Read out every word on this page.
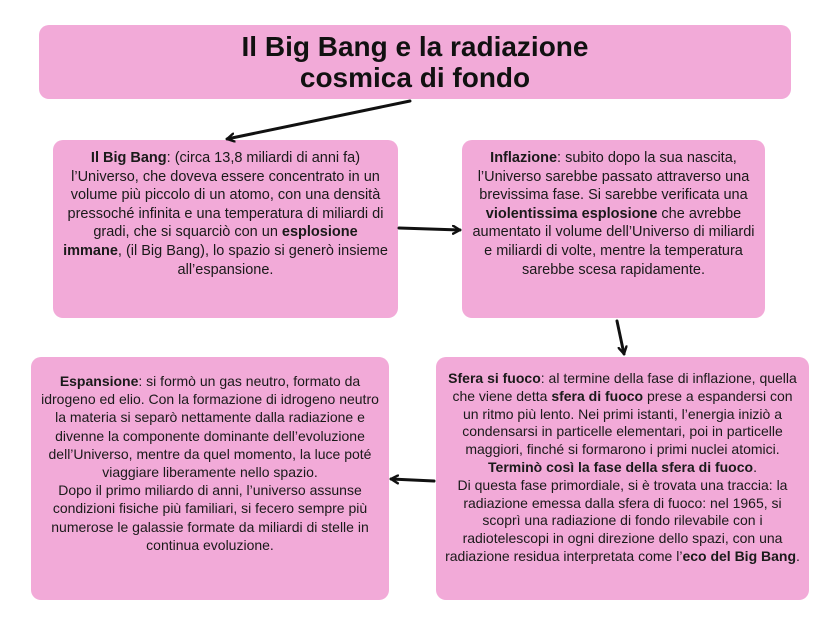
Il Big Bang e la radiazione
cosmica di fondo

Il Big Bang: (circa 13,8 miliardi di anni fa) l’Universo, che doveva essere concentrato in un volume più piccolo di un atomo, con una densità pressoché infinita e una temperatura di miliardi di gradi, che si squarciò con un esplosione immane, (il Big Bang), lo spazio si generò insieme all’espansione.

Inflazione: subito dopo la sua nascita, l’Universo sarebbe passato attraverso una brevissima fase. Si sarebbe verificata una violentissima esplosione che avrebbe aumentato il volume dell’Universo di miliardi e miliardi di volte, mentre la temperatura sarebbe scesa rapidamente.

Sfera si fuoco: al termine della fase di inflazione, quella che viene detta sfera di fuoco prese a espandersi con un ritmo più lento. Nei primi istanti, l’energia iniziò a condensarsi in particelle elementari, poi in particelle maggiori, finché si formarono i primi nuclei atomici.

Terminò così la fase della sfera di fuoco.

Di questa fase primordiale, si è trovata una traccia: la radiazione emessa dalla sfera di fuoco: nel 1965, si scoprì una radiazione di fondo rilevabile con i radiotelescopi in ogni direzione dello spazi, con una radiazione residua interpretata come l’eco del Big Bang.

Espansione: si formò un gas neutro, formato da idrogeno ed elio. Con la formazione di idrogeno neutro la materia si separò nettamente dalla radiazione e divenne la componente dominante dell’evoluzione dell’Universo, mentre da quel momento, la luce poté viaggiare liberamente nello spazio.

Dopo il primo miliardo di anni, l’universo assunse condizioni fisiche più familiari, si fecero sempre più numerose le galassie formate da miliardi di stelle in continua evoluzione.
